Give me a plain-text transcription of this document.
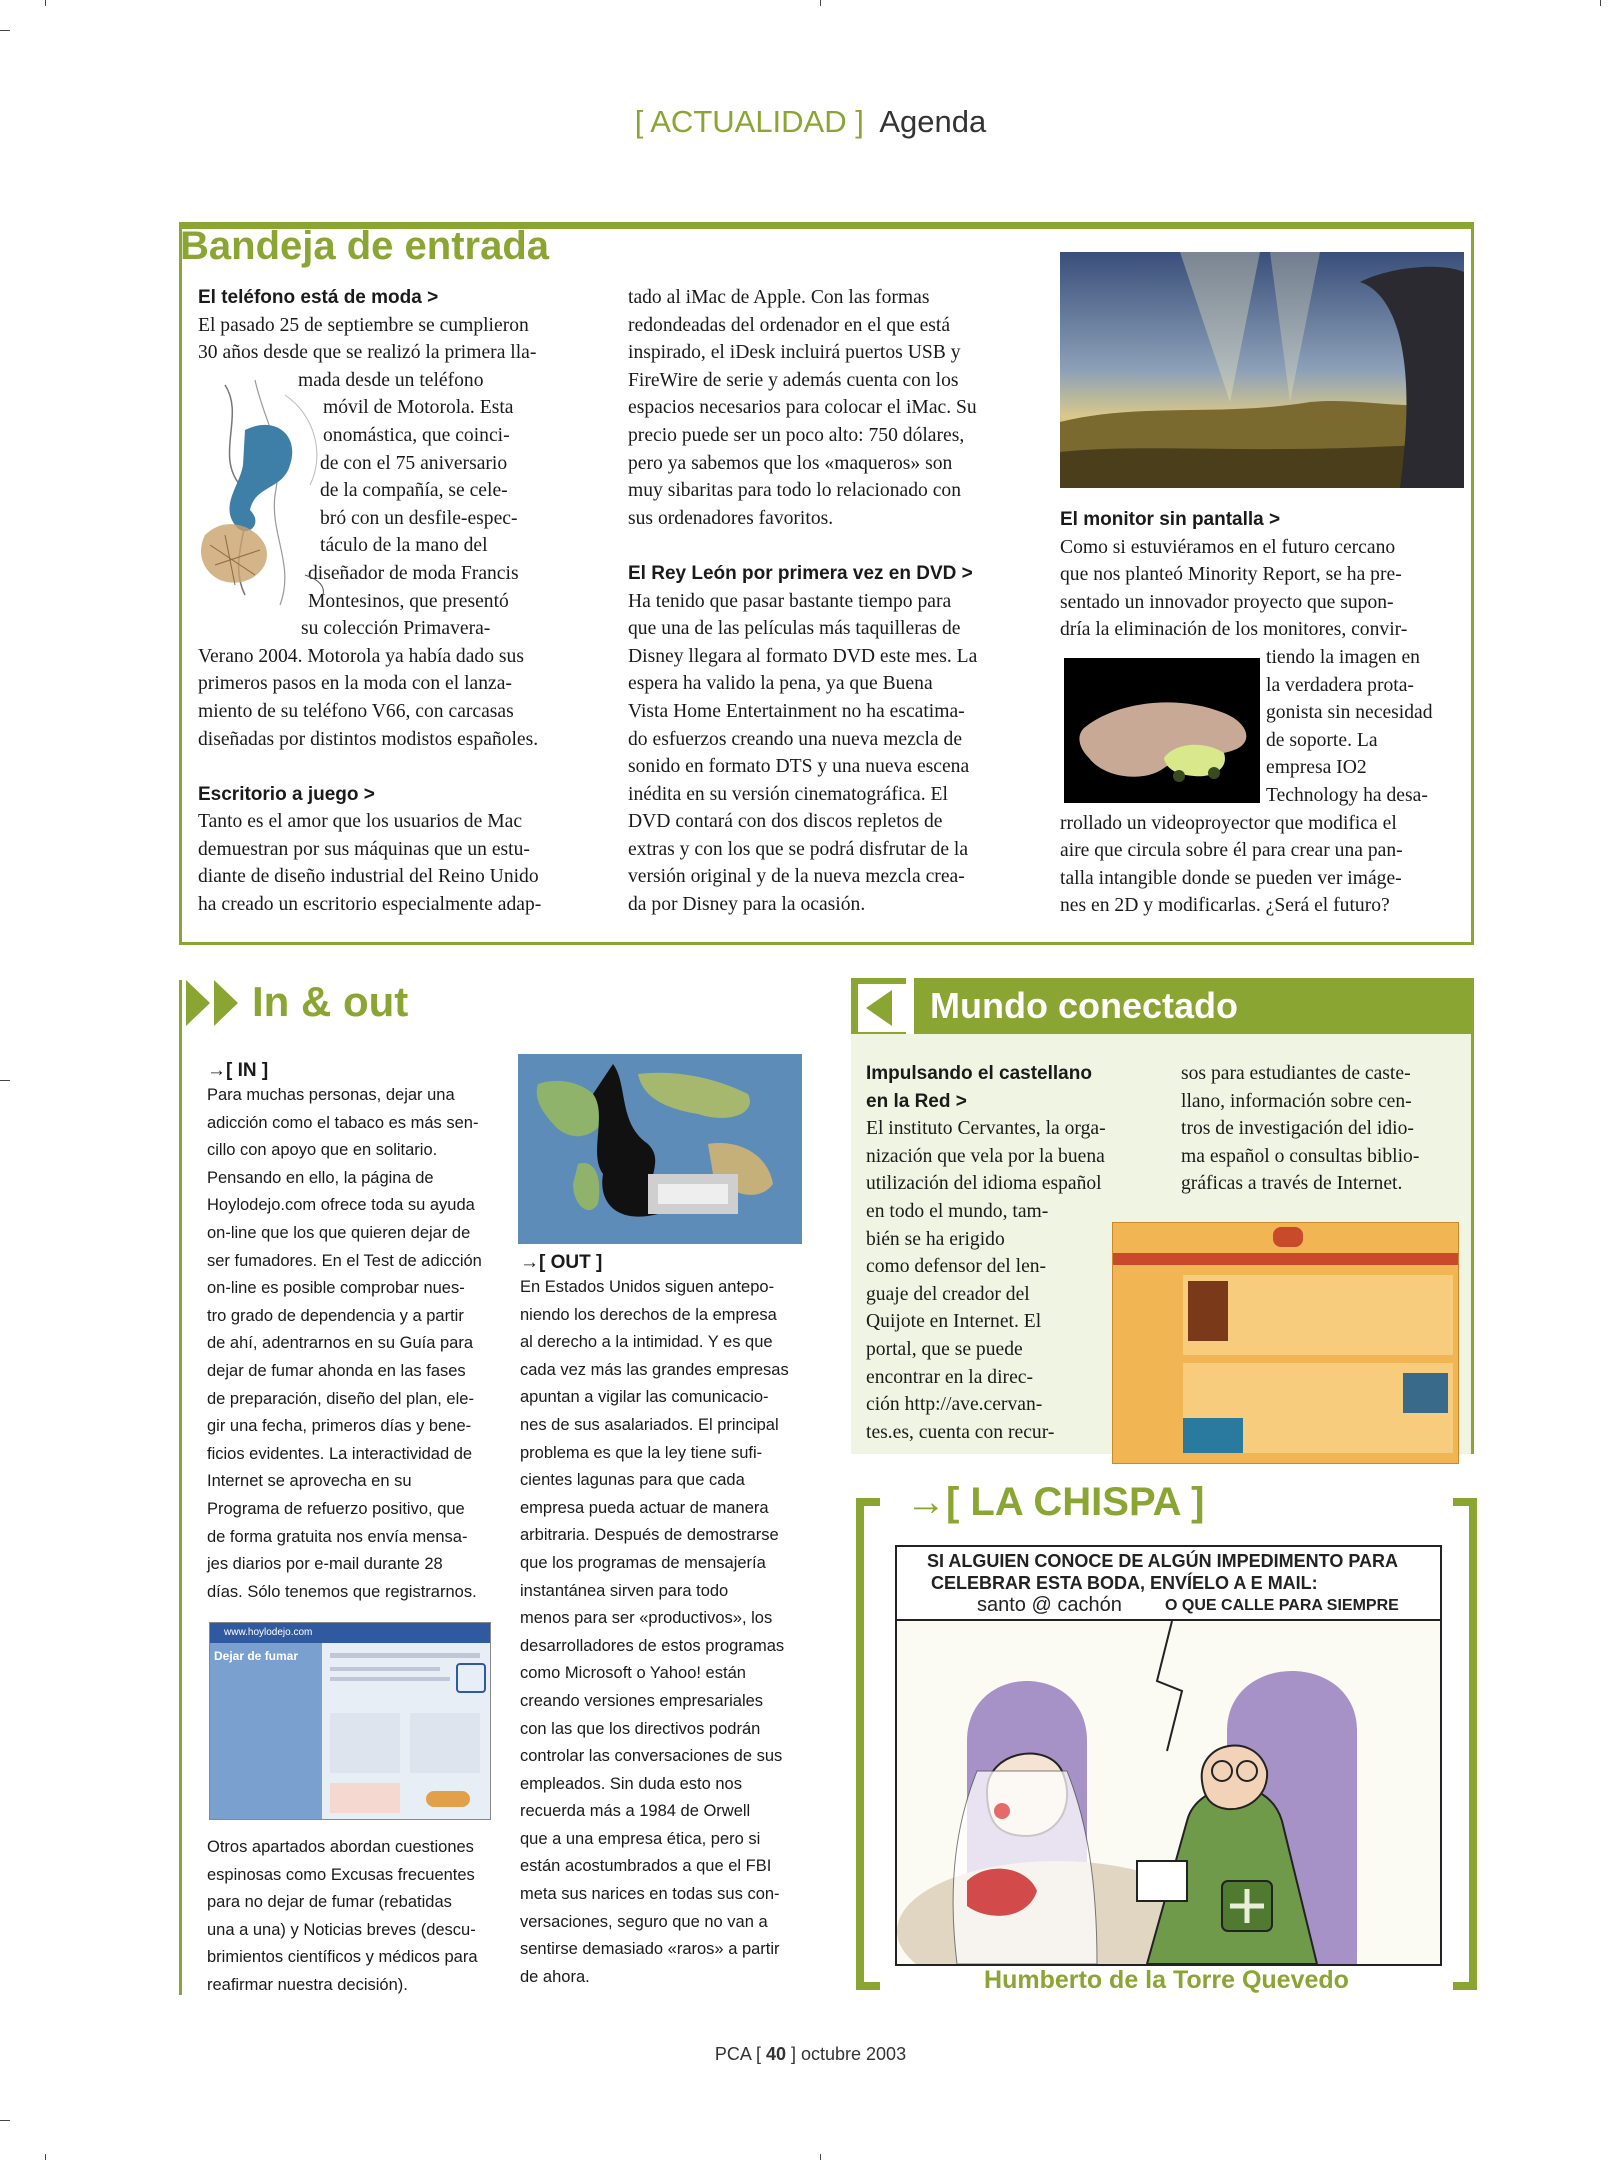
[ ACTUALIDAD ] Agenda
Bandeja de entrada
El teléfono está de moda >
El pasado 25 de septiembre se cumplieron
30 años desde que se realizó la primera lla-
mada desde un teléfono
móvil de Motorola. Esta
onomástica, que coinci-
de con el 75 aniversario
de la compañía, se cele-
bró con un desfile-espec-
táculo de la mano del
diseñador de moda Francis
Montesinos, que presentó
su colección Primavera-
Verano 2004. Motorola ya había dado sus
primeros pasos en la moda con el lanza-
miento de su teléfono V66, con carcasas
diseñadas por distintos modistos españoles.
Escritorio a juego >
Tanto es el amor que los usuarios de Mac
demuestran por sus máquinas que un estu-
diante de diseño industrial del Reino Unido
ha creado un escritorio especialmente adap-
tado al iMac de Apple. Con las formas
redondeadas del ordenador en el que está
inspirado, el iDesk incluirá puertos USB y
FireWire de serie y además cuenta con los
espacios necesarios para colocar el iMac. Su
precio puede ser un poco alto: 750 dólares,
pero ya sabemos que los «maqueros» son
muy sibaritas para todo lo relacionado con
sus ordenadores favoritos.
El Rey León por primera vez en DVD >
Ha tenido que pasar bastante tiempo para
que una de las películas más taquilleras de
Disney llegara al formato DVD este mes. La
espera ha valido la pena, ya que Buena
Vista Home Entertainment no ha escatima-
do esfuerzos creando una nueva mezcla de
sonido en formato DTS y una nueva escena
inédita en su versión cinematográfica. El
DVD contará con dos discos repletos de
extras y con los que se podrá disfrutar de la
versión original y de la nueva mezcla crea-
da por Disney para la ocasión.
El monitor sin pantalla >
Como si estuviéramos en el futuro cercano
que nos planteó Minority Report, se ha pre-
sentado un innovador proyecto que supon-
dría la eliminación de los monitores, convir-
tiendo la imagen en
la verdadera prota-
gonista sin necesidad
de soporte. La
empresa IO2
Technology ha desa-
rrollado un videoproyector que modifica el
aire que circula sobre él para crear una pan-
talla intangible donde se pueden ver imáge-
nes en 2D y modificarlas. ¿Será el futuro?
In & out
→[ IN ]
Para muchas personas, dejar una
adicción como el tabaco es más sen-
cillo con apoyo que en solitario.
Pensando en ello, la página de
Hoylodejo.com ofrece toda su ayuda
on-line que los que quieren dejar de
ser fumadores. En el Test de adicción
on-line es posible comprobar nues-
tro grado de dependencia y a partir
de ahí, adentrarnos en su Guía para
dejar de fumar ahonda en las fases
de preparación, diseño del plan, ele-
gir una fecha, primeros días y bene-
ficios evidentes. La interactividad de
Internet se aprovecha en su
Programa de refuerzo positivo, que
de forma gratuita nos envía mensa-
jes diarios por e-mail durante 28
días. Sólo tenemos que registrarnos.
www.hoylodejo.com
Dejar de fumar
Otros apartados abordan cuestiones
espinosas como Excusas frecuentes
para no dejar de fumar (rebatidas
una a una) y Noticias breves (descu-
brimientos científicos y médicos para
reafirmar nuestra decisión).
→[ OUT ]
En Estados Unidos siguen antepo-
niendo los derechos de la empresa
al derecho a la intimidad. Y es que
cada vez más las grandes empresas
apuntan a vigilar las comunicacio-
nes de sus asalariados. El principal
problema es que la ley tiene sufi-
cientes lagunas para que cada
empresa pueda actuar de manera
arbitraria. Después de demostrarse
que los programas de mensajería
instantánea sirven para todo
menos para ser «productivos», los
desarrolladores de estos programas
como Microsoft o Yahoo! están
creando versiones empresariales
con las que los directivos podrán
controlar las conversaciones de sus
empleados. Sin duda esto nos
recuerda más a 1984 de Orwell
que a una empresa ética, pero si
están acostumbrados a que el FBI
meta sus narices en todas sus con-
versaciones, seguro que no van a
sentirse demasiado «raros» a partir
de ahora.
Mundo conectado
Impulsando el castellano
en la Red >
El instituto Cervantes, la orga-
nización que vela por la buena
utilización del idioma español
en todo el mundo, tam-
bién se ha erigido
como defensor del len-
guaje del creador del
Quijote en Internet. El
portal, que se puede
encontrar en la direc-
ción http://ave.cervan-
tes.es, cuenta con recur-
sos para estudiantes de caste-
llano, información sobre cen-
tros de investigación del idio-
ma español o consultas biblio-
gráficas a través de Internet.
→[ LA CHISPA ]
SI ALGUIEN CONOCE DE ALGÚN IMPEDIMENTO PARA
CELEBRAR ESTA BODA, ENVÍELO A E MAIL:
santo @ cachón	O QUE CALLE PARA SIEMPRE
Humberto de la Torre Quevedo
PCA [ 40 ] octubre 2003
